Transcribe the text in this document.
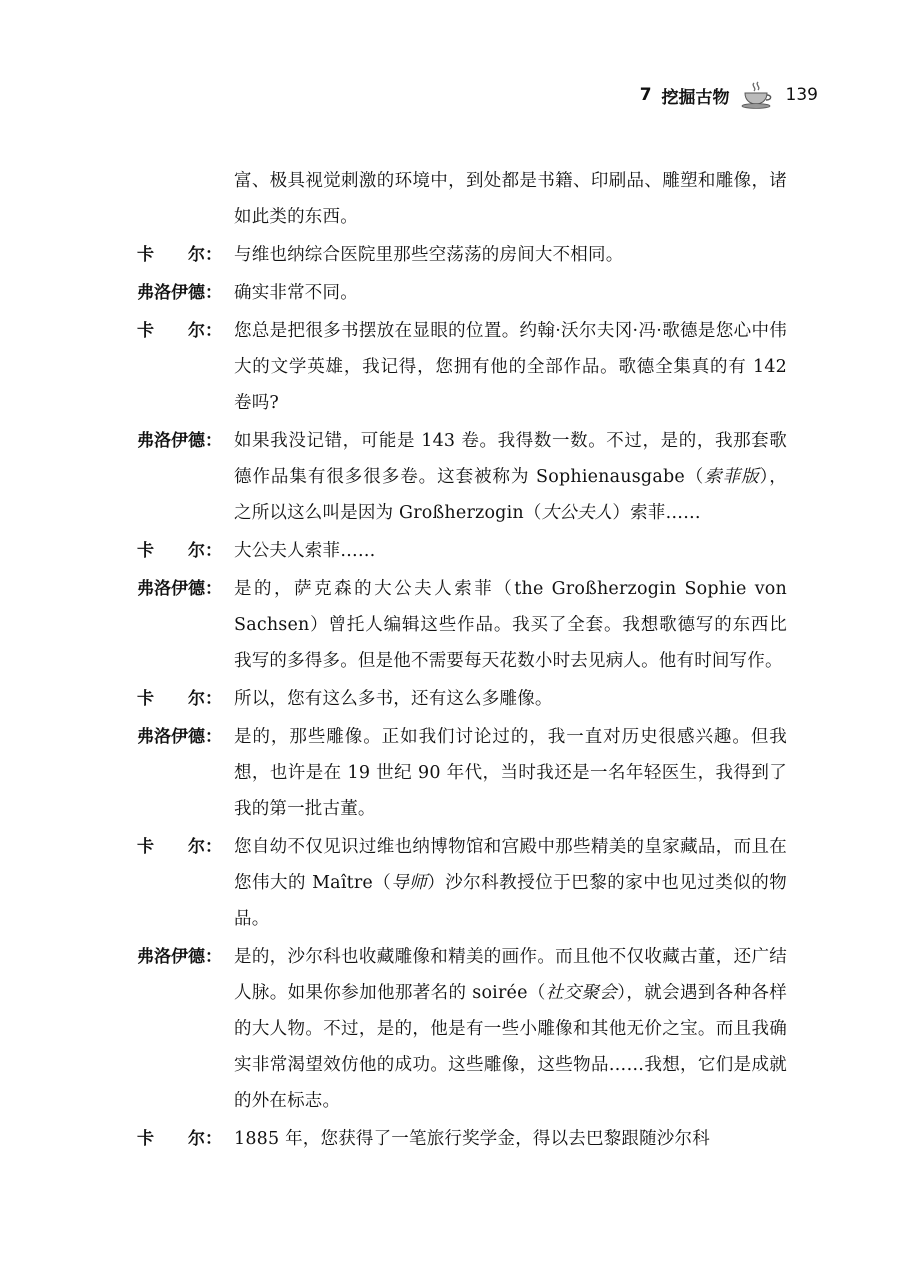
7 挖掘古物	139
富、极具视觉刺激的环境中，到处都是书籍、印刷品、雕塑和雕像，诸如此类的东西。
卡　　尔： 与维也纳综合医院里那些空荡荡的房间大不相同。
弗洛伊德： 确实非常不同。
卡　　尔： 您总是把很多书摆放在显眼的位置。约翰·沃尔夫冈·冯·歌德是您心中伟大的文学英雄，我记得，您拥有他的全部作品。歌德全集真的有 142 卷吗?
弗洛伊德： 如果我没记错，可能是 143 卷。我得数一数。不过，是的，我那套歌德作品集有很多很多卷。这套被称为 Sophienausgabe（索菲版），之所以这么叫是因为 Großherzogin（大公夫人）索菲……
卡　　尔： 大公夫人索菲……
弗洛伊德： 是的，萨克森的大公夫人索菲（the Großherzogin Sophie von Sachsen）曾托人编辑这些作品。我买了全套。我想歌德写的东西比我写的多得多。但是他不需要每天花数小时去见病人。他有时间写作。
卡　　尔： 所以，您有这么多书，还有这么多雕像。
弗洛伊德： 是的，那些雕像。正如我们讨论过的，我一直对历史很感兴趣。但我想，也许是在 19 世纪 90 年代，当时我还是一名年轻医生，我得到了我的第一批古董。
卡　　尔： 您自幼不仅见识过维也纳博物馆和宫殿中那些精美的皇家藏品，而且在您伟大的 Maître（导师）沙尔科教授位于巴黎的家中也见过类似的物品。
弗洛伊德： 是的，沙尔科也收藏雕像和精美的画作。而且他不仅收藏古董，还广结人脉。如果你参加他那著名的 soirée（社交聚会），就会遇到各种各样的大人物。不过，是的，他是有一些小雕像和其他无价之宝。而且我确实非常渴望效仿他的成功。这些雕像，这些物品……我想，它们是成就的外在标志。
卡　　尔： 1885 年，您获得了一笔旅行奖学金，得以去巴黎跟随沙尔科
